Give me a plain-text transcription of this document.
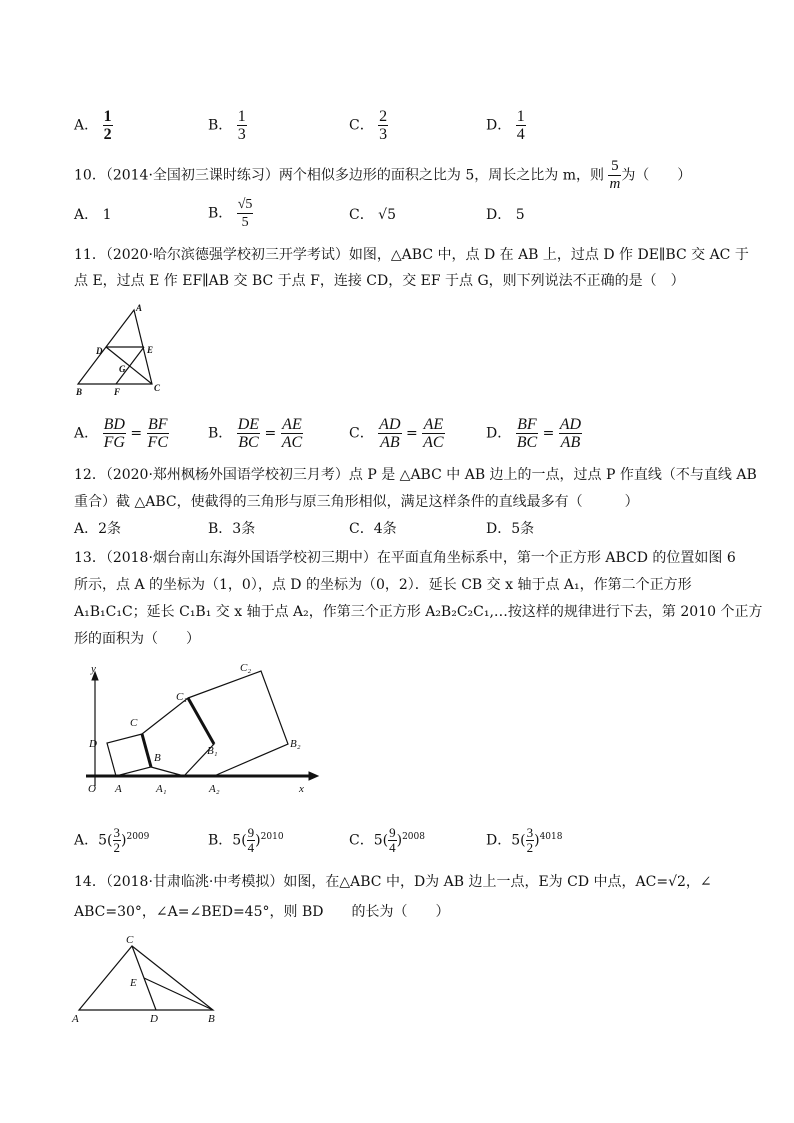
A． $\frac{1}{2}$	B． $\frac{1}{3}$	C． $\frac{2}{3}$	D． $\frac{1}{4}$
10．（2014·全国初三课时练习）两个相似多边形的面积之比为 5，周长之比为 m，则 $\frac{5}{m}$ 为（　　）
A． 1	B． $\frac{√5}{5}$	C． √5	D． 5
11．（2020·哈尔滨德强学校初三开学考试）如图，△ABC 中，点 D 在 AB 上，过点 D 作 DE∥BC 交 AC 于
点 E，过点 E 作 EF∥AB 交 BC 于点 F，连接 CD，交 EF 于点 G，则下列说法不正确的是（　）
A
B	C
D	E
F
G
A． $\frac{BD}{FG} = \frac{BF}{FC}$	B． $\frac{DE}{BC} = \frac{AE}{AC}$	C． $\frac{AD}{AB} = \frac{AE}{AC}$	D． $\frac{BF}{BC} = \frac{AD}{AB}$
12．（2020·郑州枫杨外国语学校初三月考）点 P 是 △ABC 中 AB 边上的一点，过点 P 作直线（不与直线 AB
重合）截 △ABC，使截得的三角形与原三角形相似，满足这样条件的直线最多有（　　　）
A．2条	B．3条	C．4条	D．5条
13．（2018·烟台南山东海外国语学校初三期中）在平面直角坐标系中，第一个正方形 ABCD 的位置如图 6
所示，点 A 的坐标为（1，0），点 D 的坐标为（0，2）．延长 CB 交 x 轴于点 A₁，作第二个正方形
A₁B₁C₁C；延长 C₁B₁ 交 x 轴于点 A₂，作第三个正方形 A₂B₂C₂C₁,…按这样的规律进行下去，第 2010 个正方
形的面积为（　　）
y
x
O A	A₁	A₂
B
B₁
B₂
C
C₁
C₂
D
A．$5( \frac{3}{2} )^{2009}$	B．$5( \frac{9}{4} )^{2010}$	C．$5( \frac{9}{4} )^{2008}$	D．$5( \frac{3}{2} )^{4018}$
14．（2018·甘肃临洮·中考模拟）如图，在△ABC 中，D为 AB 边上一点，E为 CD 中点，AC=√2，∠
ABC=30°，∠A=∠BED=45°，则 BD　　的长为（　　）
C
A	D	B
E
